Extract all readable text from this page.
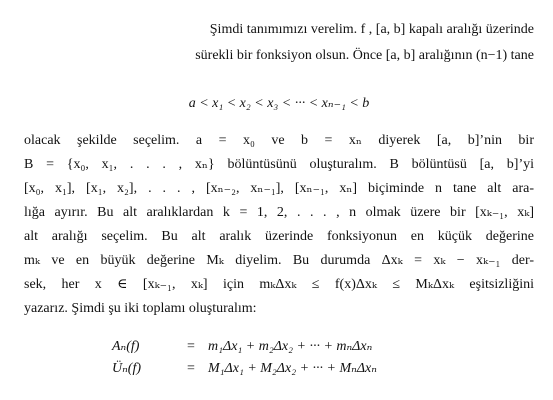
Şimdi tanımımızı verelim. f , [a, b] kapalı aralığı üzerinde
sürekli bir fonksiyon olsun. Önce [a, b] aralığının (n−1) tane
a < x₁ < x₂ < x₃ < ··· < xₙ₋₁ < b
olacak şekilde seçelim. a = x₀ ve b = xₙ diyerek [a, b]’nin bir
B = {x₀, x₁, . . . , xₙ} bölüntüsünü oluşturalım. B bölüntüsü [a, b]’yi
[x₀, x₁], [x₁, x₂], . . . , [xₙ₋₂, xₙ₋₁], [xₙ₋₁, xₙ] biçiminde n tane alt ara-
lığa ayırır. Bu alt aralıklardan k = 1, 2, . . . , n olmak üzere bir [xₖ₋₁, xₖ]
alt aralığı seçelim. Bu alt aralık üzerinde fonksiyonun en küçük değerine
mₖ ve en büyük değerine Mₖ diyelim. Bu durumda Δxₖ = xₖ − xₖ₋₁ der-
sek, her x ∈ [xₖ₋₁, xₖ] için mₖΔxₖ ≤ f(x)Δxₖ ≤ MₖΔxₖ eşitsizliğini
yazarız. Şimdi şu iki toplamı oluşturalım:
Aₙ(f)	= m₁Δx₁ + m₂Δx₂ + ··· + mₙΔxₙ
Üₙ(f)	= M₁Δx₁ + M₂Δx₂ + ··· + MₙΔxₙ
